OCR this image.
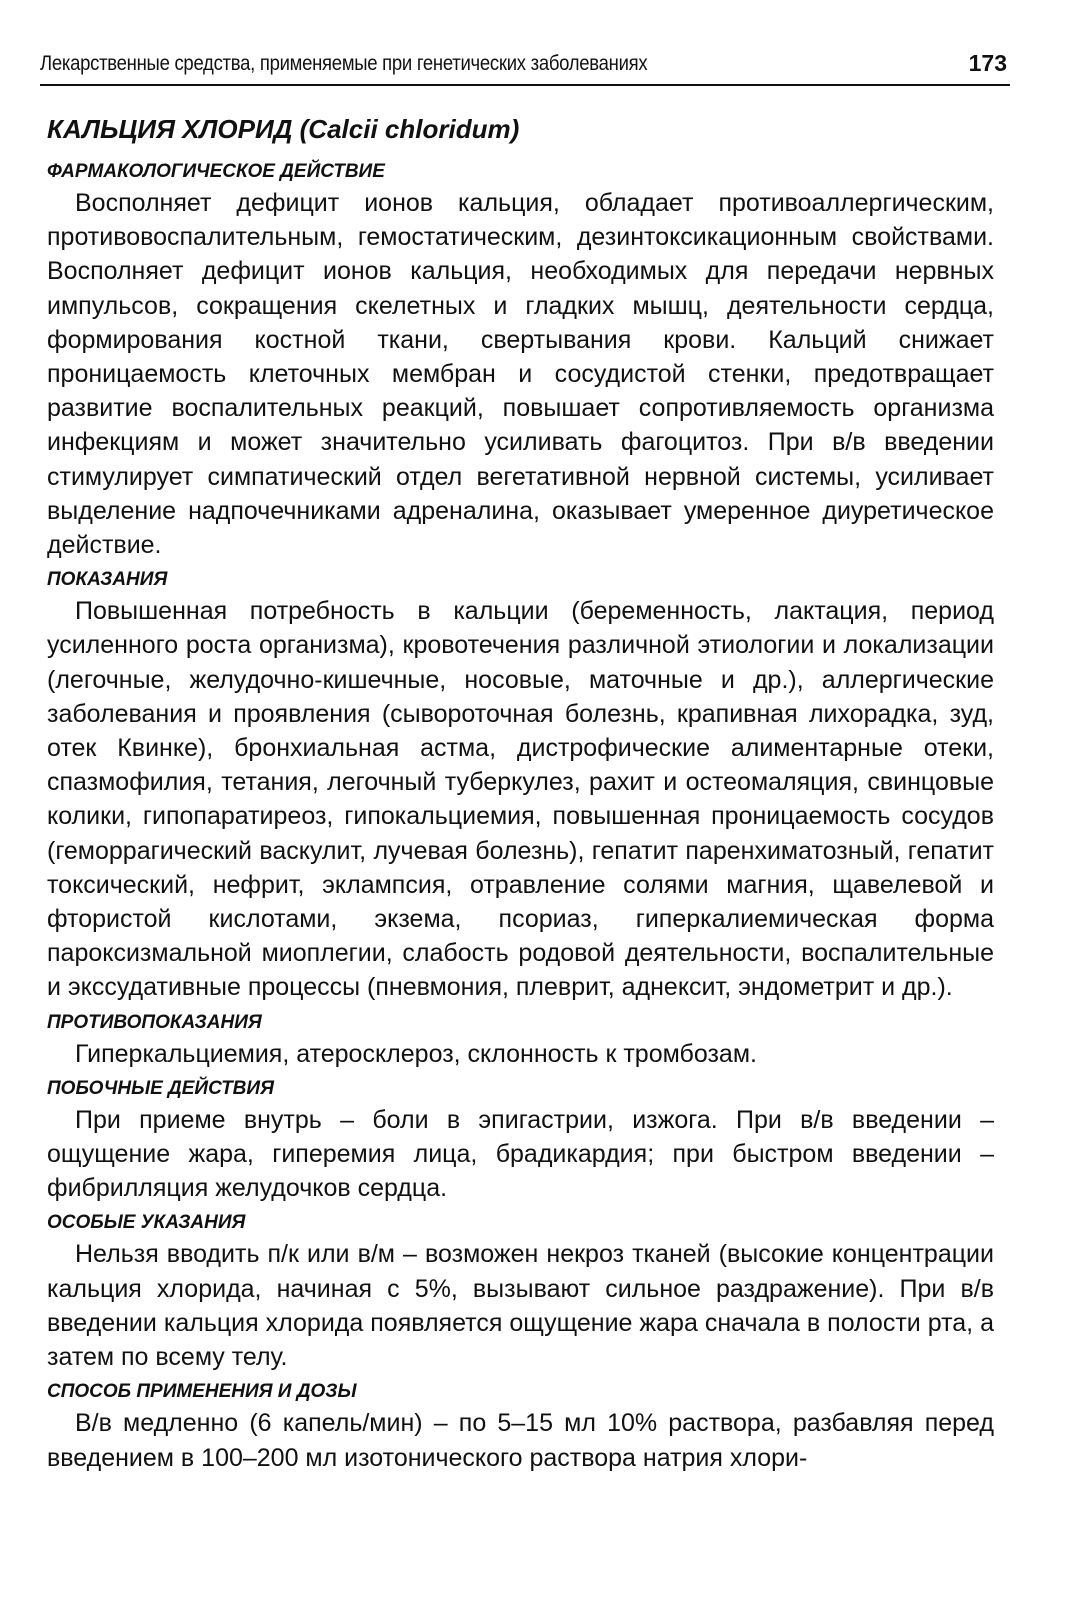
Лекарственные средства, применяемые при генетических заболеваниях	173
КАЛЬЦИЯ ХЛОРИД (Calcii chloridum)
ФАРМАКОЛОГИЧЕСКОЕ ДЕЙСТВИЕ

Восполняет дефицит ионов кальция, обладает противоаллергическим, противовоспалительным, гемостатическим, дезинтоксикационным свойствами. Восполняет дефицит ионов кальция, необходимых для передачи нервных импульсов, сокращения скелетных и гладких мышц, деятельности сердца, формирования костной ткани, свертывания крови. Кальций снижает проницаемость клеточных мембран и сосудистой стенки, предотвращает развитие воспалительных реакций, повышает сопротивляемость организма инфекциям и может значительно усиливать фагоцитоз. При в/в введении стимулирует симпатический отдел вегетативной нервной системы, усиливает выделение надпочечниками адреналина, оказывает умеренное диуретическое действие.

ПОКАЗАНИЯ

Повышенная потребность в кальции (беременность, лактация, период усиленного роста организма), кровотечения различной этиологии и локализации (легочные, желудочно-кишечные, носовые, маточные и др.), аллергические заболевания и проявления (сывороточная болезнь, крапивная лихорадка, зуд, отек Квинке), бронхиальная астма, дистрофические алиментарные отеки, спазмофилия, тетания, легочный туберкулез, рахит и остеомаляция, свинцовые колики, гипопаратиреоз, гипокальциемия, повышенная проницаемость сосудов (геморрагический васкулит, лучевая болезнь), гепатит паренхиматозный, гепатит токсический, нефрит, эклампсия, отравление солями магния, щавелевой и фтористой кислотами, экзема, псориаз, гиперкалиемическая форма пароксизмальной миоплегии, слабость родовой деятельности, воспалительные и экссудативные процессы (пневмония, плеврит, аднексит, эндометрит и др.).

ПРОТИВОПОКАЗАНИЯ

Гиперкальциемия, атеросклероз, склонность к тромбозам.

ПОБОЧНЫЕ ДЕЙСТВИЯ

При приеме внутрь – боли в эпигастрии, изжога. При в/в введении – ощущение жара, гиперемия лица, брадикардия; при быстром введении – фибрилляция желудочков сердца.

ОСОБЫЕ УКАЗАНИЯ

Нельзя вводить п/к или в/м – возможен некроз тканей (высокие концентрации кальция хлорида, начиная с 5%, вызывают сильное раздражение). При в/в введении кальция хлорида появляется ощущение жара сначала в полости рта, а затем по всему телу.

СПОСОБ ПРИМЕНЕНИЯ И ДОЗЫ

В/в медленно (6 капель/мин) – по 5–15 мл 10% раствора, разбавляя перед введением в 100–200 мл изотонического раствора натрия хлори-
